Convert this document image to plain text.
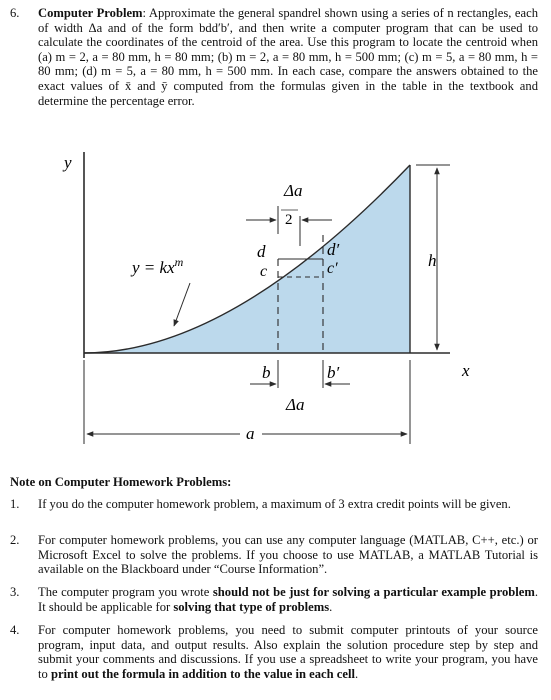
6. Computer Problem: Approximate the general spandrel shown using a series of n rectangles, each of width Δa and of the form bdd′b′, and then write a computer program that can be used to calculate the coordinates of the centroid of the area. Use this program to locate the centroid when (a) m = 2, a = 80 mm, h = 80 mm; (b) m = 2, a = 80 mm, h = 500 mm; (c) m = 5, a = 80 mm, h = 80 mm; (d) m = 5, a = 80 mm, h = 500 mm. In each case, compare the answers obtained to the exact values of x̄ and ȳ computed from the formulas given in the table in the textbook and determine the percentage error.
y
x
Δa
2
d
c
d′
c′
$y = kx^m$	h
b	b′
Δa
a
Note on Computer Homework Problems:
1. If you do the computer homework problem, a maximum of 3 extra credit points will be given.
2. For computer homework problems, you can use any computer language (MATLAB, C++, etc.) or Microsoft Excel to solve the problems. If you choose to use MATLAB, a MATLAB Tutorial is available on the Blackboard under “Course Information”.
3. The computer program you wrote should not be just for solving a particular example problem. It should be applicable for solving that type of problems.
4. For computer homework problems, you need to submit computer printouts of your source program, input data, and output results. Also explain the solution procedure step by step and submit your comments and discussions. If you use a spreadsheet to write your program, you have to print out the formula in addition to the value in each cell.
